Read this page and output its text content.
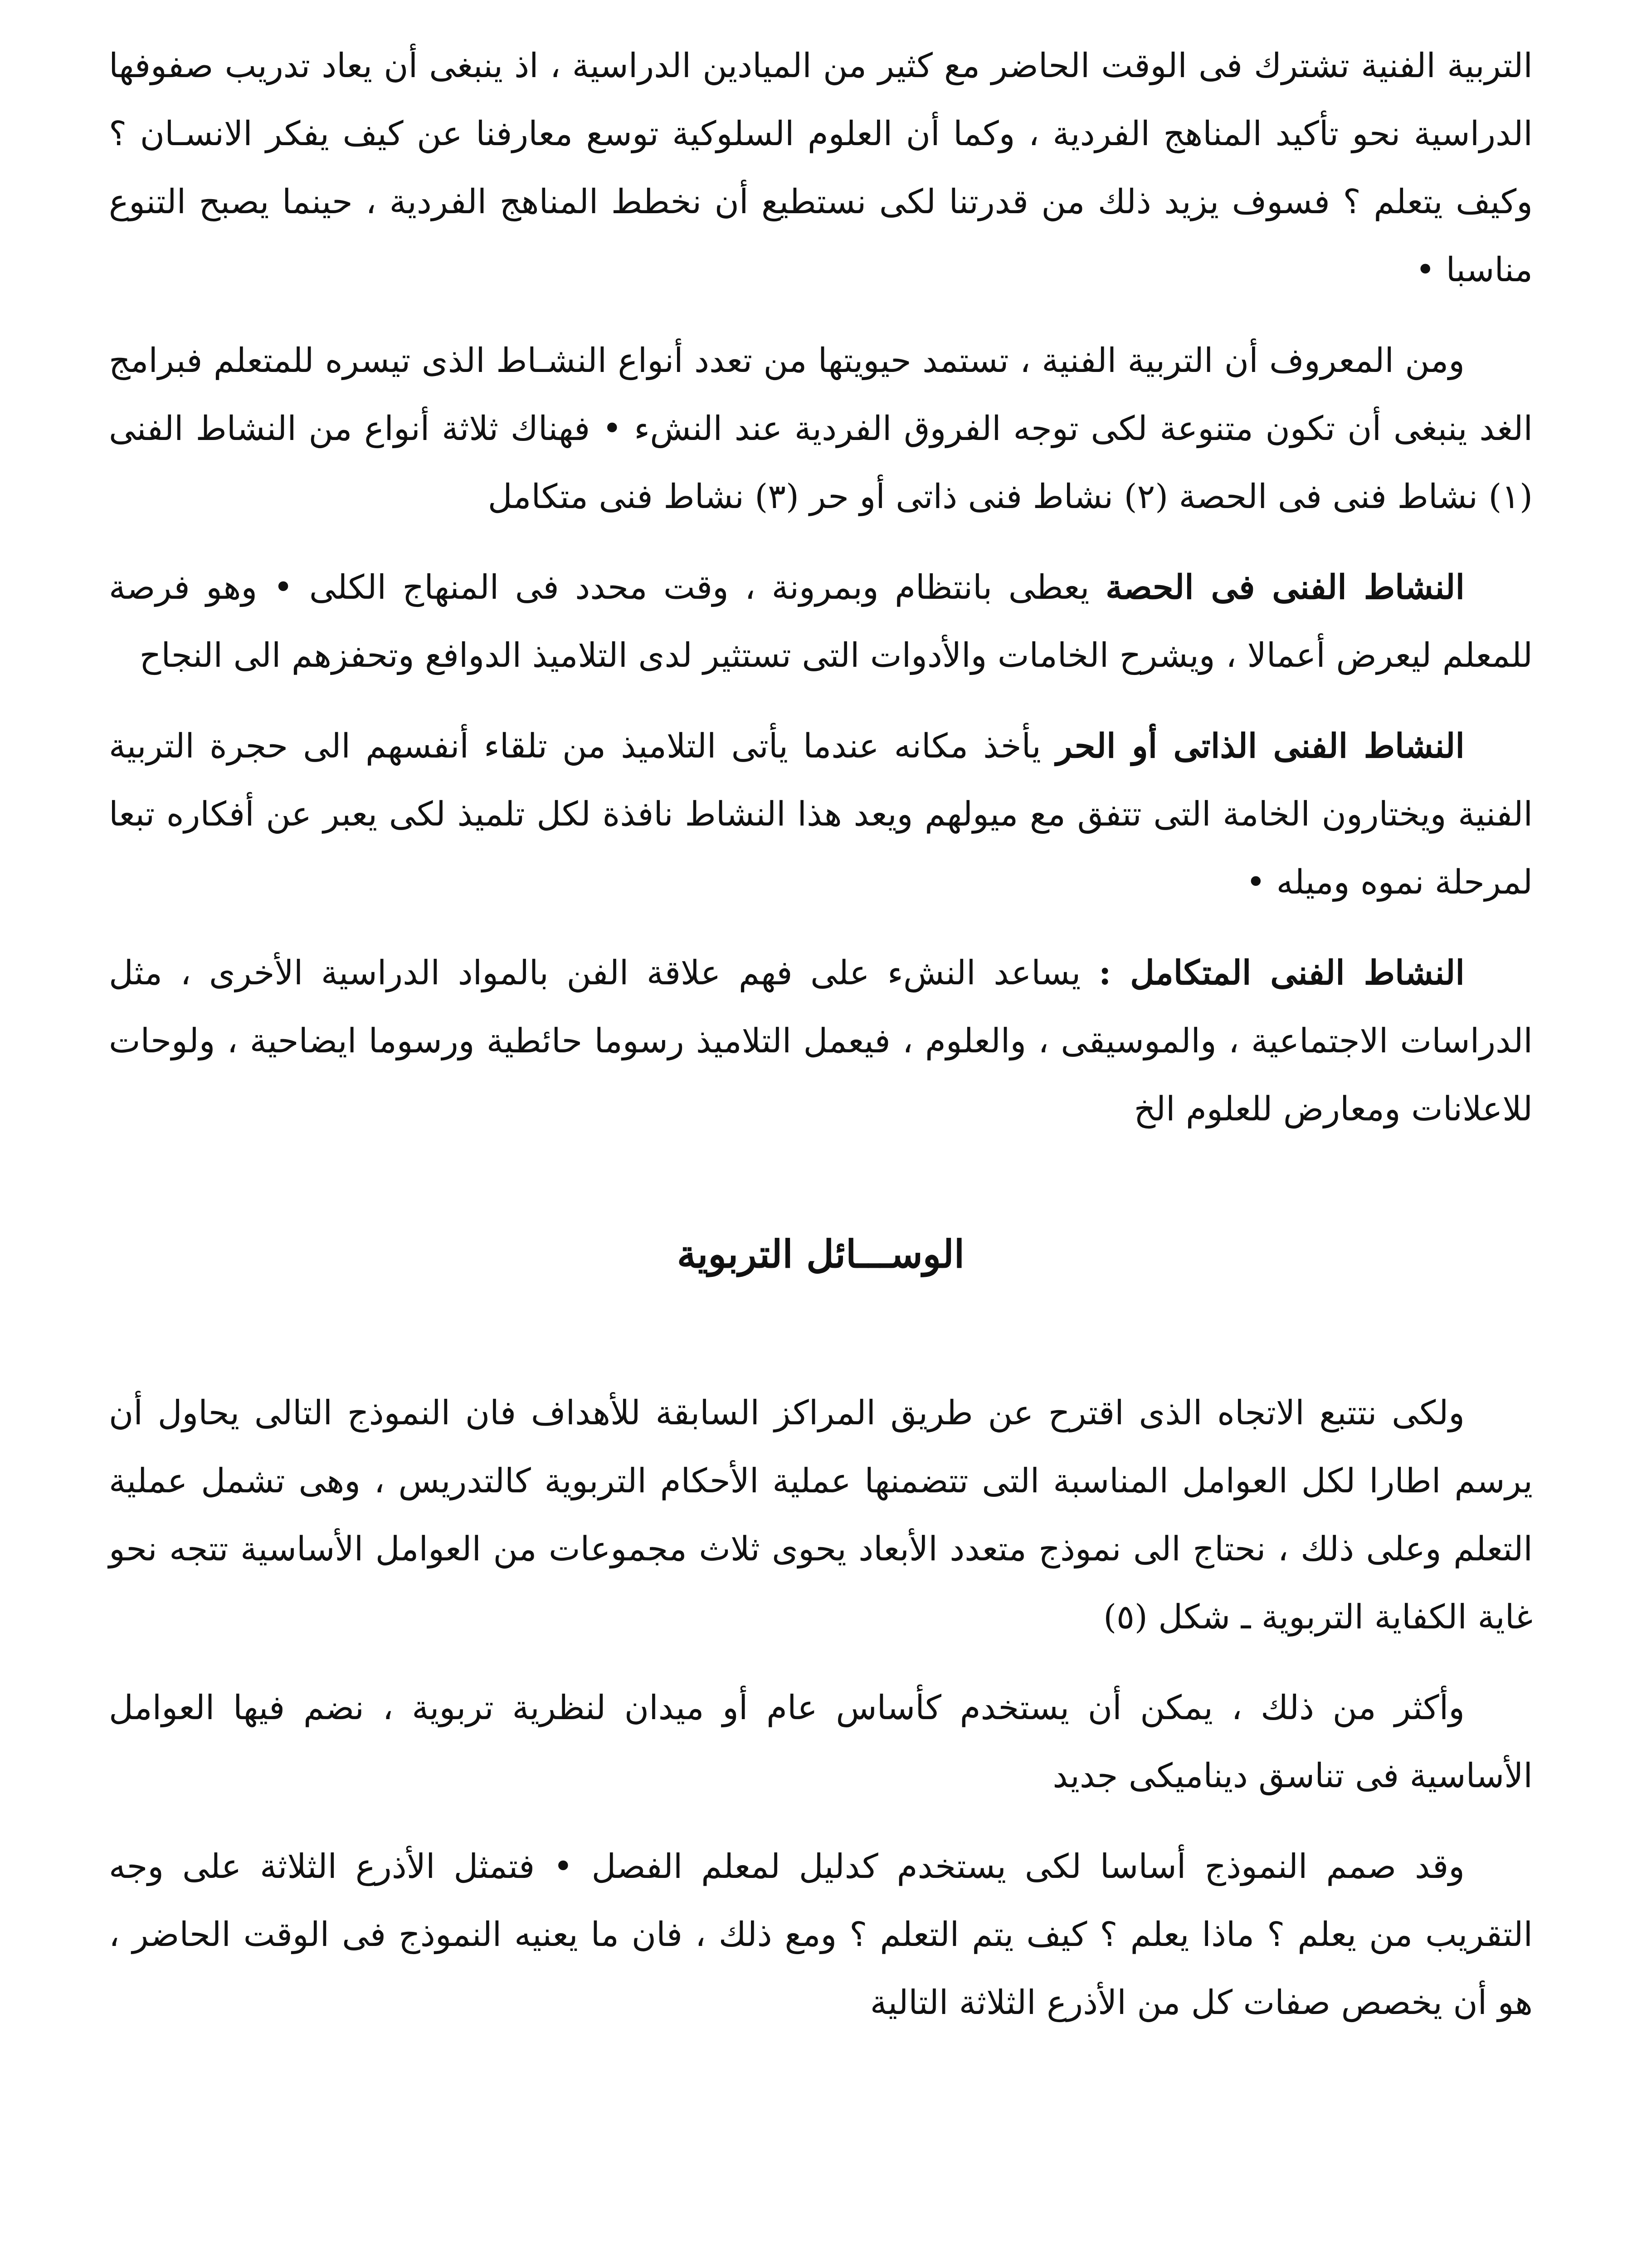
التربية الفنية تشترك فى الوقت الحاضر مع كثير من الميادين الدراسية ، اذ ينبغى أن يعاد تدريب صفوفها الدراسية نحو تأكيد المناهج الفردية ، وكما أن العلوم السلوكية توسع معارفنا عن كيف يفكر الانسـان ؟ وكيف يتعلم ؟ فسوف يزيد ذلك من قدرتنا لكى نستطيع أن نخطط المناهج الفردية ، حينما يصبح التنوع مناسبا •

ومن المعروف أن التربية الفنية ، تستمد حيويتها من تعدد أنواع النشـاط الذى تيسره للمتعلم فبرامج الغد ينبغى أن تكون متنوعة لكى توجه الفروق الفردية عند النشء • فهناك ثلاثة أنواع من النشاط الفنى (١) نشاط فنى فى الحصة (٢) نشاط فنى ذاتى أو حر (٣) نشاط فنى متكامل

النشاط الفنى فى الحصة يعطى بانتظام وبمرونة ، وقت محدد فى المنهاج الكلى • وهو فرصة للمعلم ليعرض أعمالا ، ويشرح الخامات والأدوات التى تستثير لدى التلاميذ الدوافع وتحفزهم الى النجاح

النشاط الفنى الذاتى أو الحر يأخذ مكانه عندما يأتى التلاميذ من تلقاء أنفسهم الى حجرة التربية الفنية ويختارون الخامة التى تتفق مع ميولهم ويعد هذا النشاط نافذة لكل تلميذ لكى يعبر عن أفكاره تبعا لمرحلة نموه وميله •

النشاط الفنى المتكامل : يساعد النشء على فهم علاقة الفن بالمواد الدراسية الأخرى ، مثل الدراسات الاجتماعية ، والموسيقى ، والعلوم ، فيعمل التلاميذ رسوما حائطية ورسوما ايضاحية ، ولوحات للاعلانات ومعارض للعلوم الخ

الوســـائل التربوية

ولكى نتتبع الاتجاه الذى اقترح عن طريق المراكز السابقة للأهداف فان النموذج التالى يحاول أن يرسم اطارا لكل العوامل المناسبة التى تتضمنها عملية الأحكام التربوية كالتدريس ، وهى تشمل عملية التعلم وعلى ذلك ، نحتاج الى نموذج متعدد الأبعاد يحوى ثلاث مجموعات من العوامل الأساسية تتجه نحو غاية الكفاية التربوية ـ شكل (٥)

وأكثر من ذلك ، يمكن أن يستخدم كأساس عام أو ميدان لنظرية تربوية ، نضم فيها العوامل الأساسية فى تناسق ديناميكى جديد

وقد صمم النموذج أساسا لكى يستخدم كدليل لمعلم الفصل • فتمثل الأذرع الثلاثة على وجه التقريب من يعلم ؟ ماذا يعلم ؟ كيف يتم التعلم ؟ ومع ذلك ، فان ما يعنيه النموذج فى الوقت الحاضر ، هو أن يخصص صفات كل من الأذرع الثلاثة التالية
